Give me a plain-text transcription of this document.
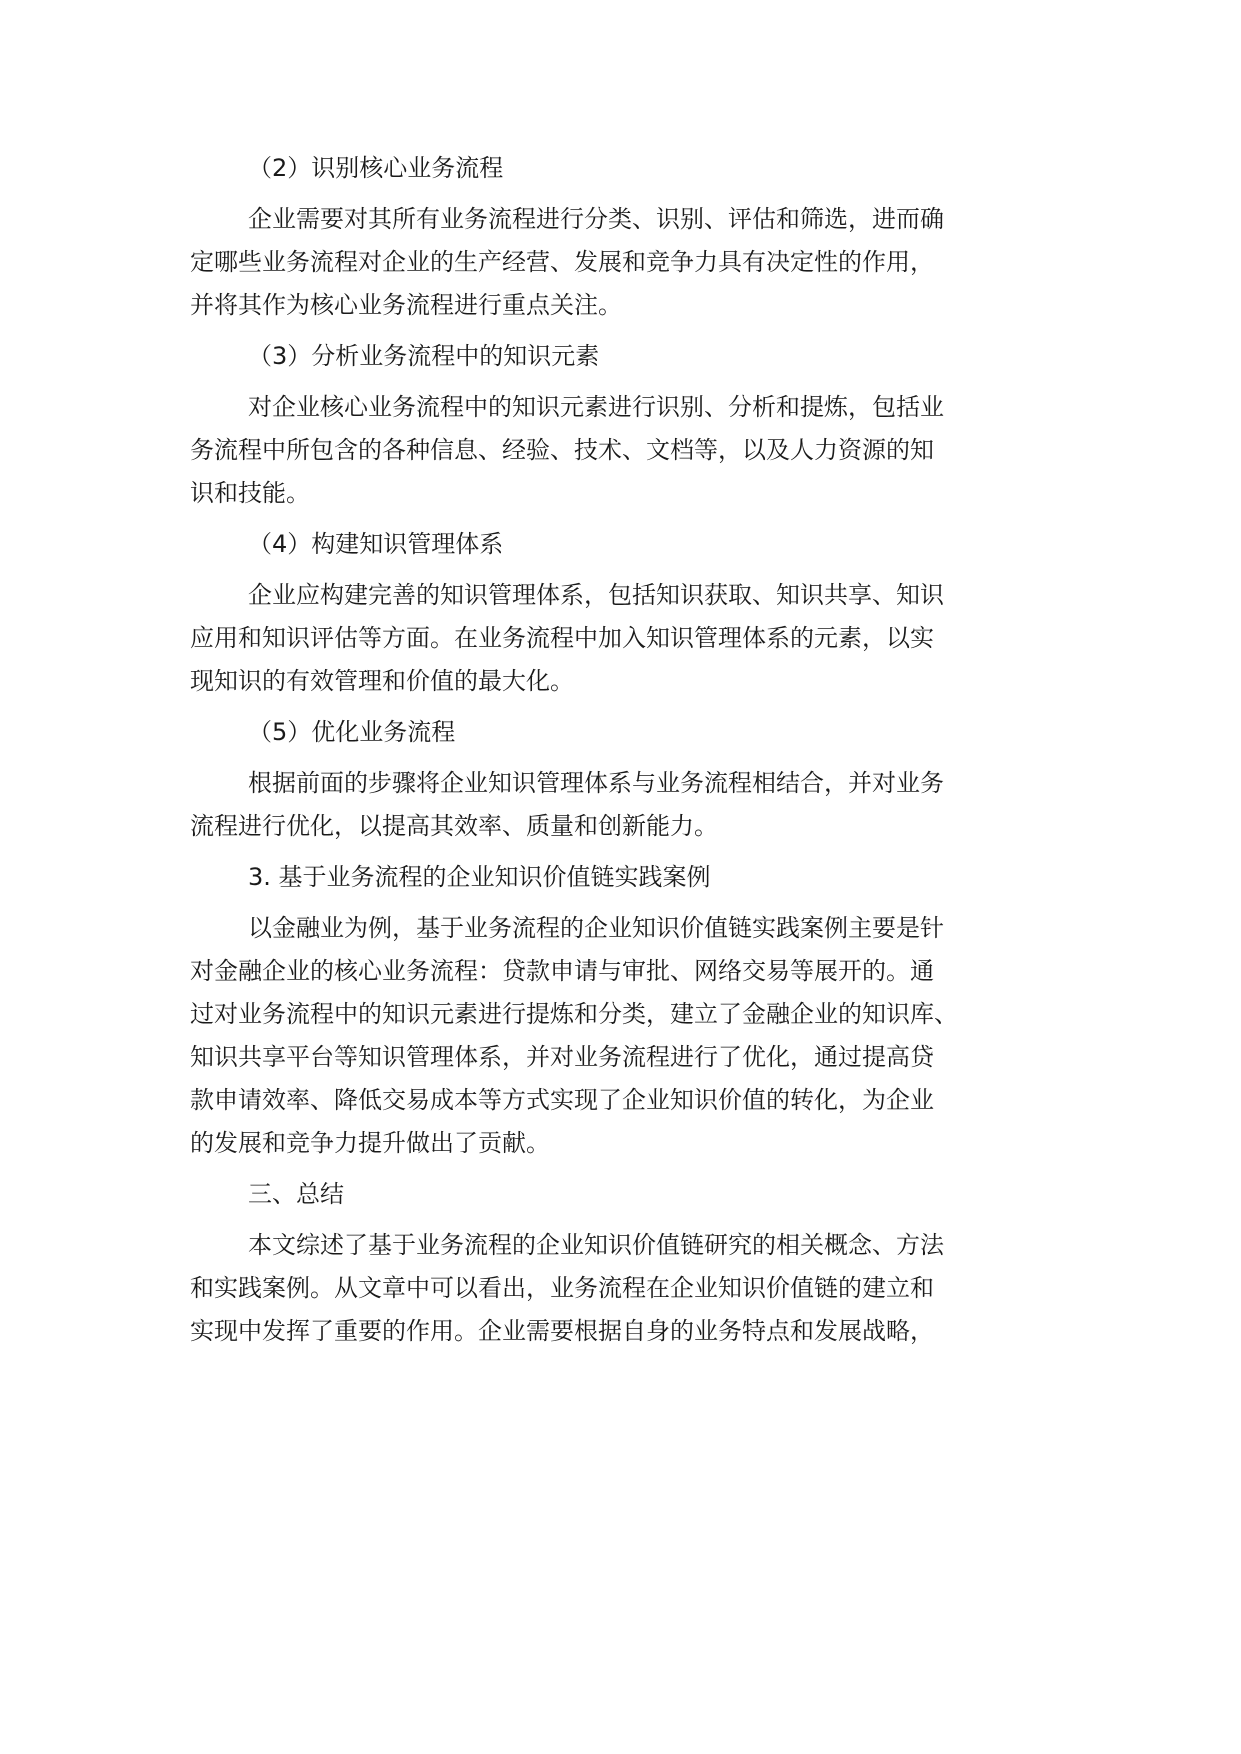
（2）识别核心业务流程
企业需要对其所有业务流程进行分类、识别、评估和筛选，进而确
定哪些业务流程对企业的生产经营、发展和竞争力具有决定性的作用，
并将其作为核心业务流程进行重点关注。
（3）分析业务流程中的知识元素
对企业核心业务流程中的知识元素进行识别、分析和提炼，包括业
务流程中所包含的各种信息、经验、技术、文档等，以及人力资源的知
识和技能。
（4）构建知识管理体系
企业应构建完善的知识管理体系，包括知识获取、知识共享、知识
应用和知识评估等方面。在业务流程中加入知识管理体系的元素，以实
现知识的有效管理和价值的最大化。
（5）优化业务流程
根据前面的步骤将企业知识管理体系与业务流程相结合，并对业务
流程进行优化，以提高其效率、质量和创新能力。
3. 基于业务流程的企业知识价值链实践案例
以金融业为例，基于业务流程的企业知识价值链实践案例主要是针
对金融企业的核心业务流程：贷款申请与审批、网络交易等展开的。通
过对业务流程中的知识元素进行提炼和分类，建立了金融企业的知识库、
知识共享平台等知识管理体系，并对业务流程进行了优化，通过提高贷
款申请效率、降低交易成本等方式实现了企业知识价值的转化，为企业
的发展和竞争力提升做出了贡献。
三、总结
本文综述了基于业务流程的企业知识价值链研究的相关概念、方法
和实践案例。从文章中可以看出，业务流程在企业知识价值链的建立和
实现中发挥了重要的作用。企业需要根据自身的业务特点和发展战略，
